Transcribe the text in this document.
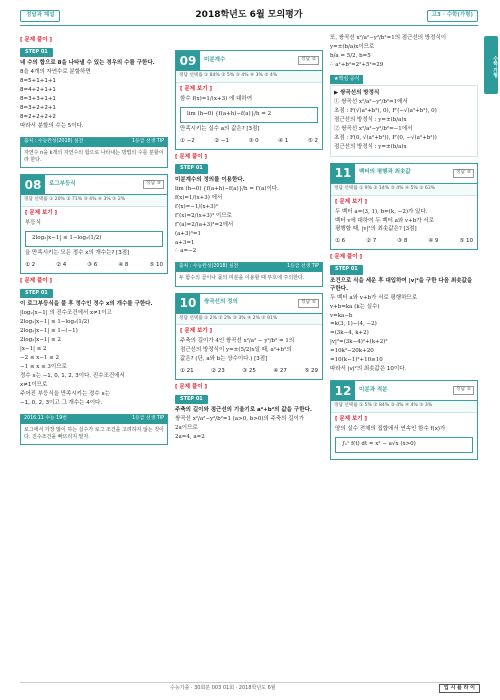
정답과 해설	2018학년도 6월 모의평가	고3 · 수학(가형)
수학 가형
[ 문제 풀이 ]
STEP 01
네 수의 합으로 8을 나타낼 수 있는 경우의 수를 구한다.
8을 4개의 자연수로 분할하면
8=5+1+1+1
8=4+2+1+1
8=3+3+1+1
8=3+2+2+1
8=2+2+2+2
따라서 분할의 수는 5이다.
출처 : 수능완성(2018) 실전	1등급 선생 TIP
자연수 n을 k개의 자연수의 합으로 나타내는 방법의 수를 분할이라 한다.
08	로그부등식	정답 ③
정답 선택률 ① 20% ② 71% ③ 4% ④ 3% ⑤ 2%
[ 문제 보기 ]
부등식
2log₂|x−1| ≤ 1−log₂(1/2)
을 만족시키는 모든 정수 x의 개수는? [3점]
① 2	② 4	③ 6	④ 8	⑤ 10
[ 문제 풀이 ]
STEP 01
이 로그부등식을 풀 후 정수인 정수 x의 개수를 구한다.
|log₂|x−1| 의 진수조건에서 x≠1이고
2log₂|x−1| ≤ 1−log₂(1/2)
2log₂|x−1| ≤ 1−(−1)
2log₂|x−1| ≤ 2
|x−1| ≤ 2
−2 ≤ x−1 ≤ 2
−1 ≤ x ≤ 3이므로
정수 x는 −1, 0, 1, 2, 3이다. 진수조건에서
x≠1이므로
주어진 부등식을 만족시키는 정수 x는
−1, 0, 2, 3이고 그 개수는 4이다.
2016.11 수능 19번	1등급 선생 TIP
로그에서 가장 많이 하는 실수가 로그 조건을 고려하지 않는 것이다. 진수조건을 빠뜨리지 말자.
09	미분계수	정답 ②
정답 선택률 ① 84% ② 5% ③ 4% ④ 3% ⑤ 4%
[ 문제 보기 ]
함수 f(x)=1/(x+3) 에 대하여
lim (h→0) {f(a+h)−f(a)}/h = 2
만족시키는 실수 a의 값은? [3점]
① −2	② −1	③ 0	④ 1	⑤ 2
[ 문제 풀이 ]
STEP 01
미분계수의 정의를 이용한다.
lim (h→0) {f(a+h)−f(a)}/h = f′(a)이다.
f(x)=1/(x+3) 에서
f′(x)=−1/(x+3)²
f″(x)=2/(x+3)³ 이므로
f″(a)=2/(a+3)³=2에서
(a+3)³=1
a+3=1
∴ a=−2
출처 : 수능완성(2018) 실전	1등급 선생 TIP
두 함수의 곱이나 몫의 미분을 이용할 때 부호에 주의한다.
10	쌍곡선의 정의	정답 ⑤
정답 선택률 ① 2% ② 2% ③ 3% ④ 2% ⑤ 91%
[ 문제 보기 ]
주축의 길이가 4인 쌍곡선 x²/a² − y²/b² = 1의
점근선의 방정식이 y=±(5/2)x일 때, a²+b²의
값은? (단, a와 b는 상수이다.) [3점]
① 21	② 23	③ 25	④ 27	⑤ 29
[ 문제 풀이 ]
STEP 01
주축의 길이와 점근선의 기울기로 a²+b²의 값을 구한다.
쌍곡선 x²/a²−y²/b²=1 (a>0, b>0)의 주축의 길이가
2a이므로
2a=4, a=2
또, 쌍곡선 x²/a²−y²/b²=1의 점근선의 방정식이
y=±(b/a)x이므로
b/a = 5/2, b=5
∴ a²+b²=2²+5²=29
★핵심 공식
▶ 쌍곡선의 방정식
① 쌍곡선 x²/a²−y²/b²=1에서
초점 : F(√(a²+b²), 0), F′(−√(a²+b²), 0)
점근선의 방정식 : y=±(b/a)x
② 쌍곡선 x²/a²−y²/b²=−1에서
초점 : F(0, √(a²+b²)), F′(0, −√(a²+b²))
점근선의 방정식 : y=±(b/a)x
11	벡터의 평행과 최솟값	정답 ③
정답 선택률 ① 9% ② 14% ③ 4% ④ 5% ⑤ 63%
[ 문제 보기 ]
두 벡터 a=(3, 1), b=(k, −2)가 있다.
벡터 v에 대하여 두 벡터 a와 v+b가 서로
평행할 때, |v|²의 최솟값은? [3점]
① 6	② 7	③ 8	④ 9	⑤ 10
[ 문제 풀이 ]
STEP 01
조건으로 식을 세운 후 대입하여 |v|²을 구한 다음 최솟값을 구한다.
두 벡터 a와 v+b가 서로 평행하므로
v+b=ka (k는 실수)
v=ka−b
=k(3, 1)−(4, −2)
=(3k−4, k+2)
|v|²=(3k−4)²+(k+2)²
=10k²−20k+20
=10(k−1)²+10≥10
따라서 |v|²의 최솟값은 10이다.
12	미분과 적분	정답 ②
정답 선택률 ① 5% ② 84% ③ 4% ④ 4% ⑤ 3%
[ 문제 보기 ]
양의 실수 전체의 집합에서 연속인 함수 f(x)가
∫₁ˣ f(t) dt = x² − a√x (x>0)
수능기출 · 30회분 003 01회 · 2018학년도 6월	입 시 플 라 이
